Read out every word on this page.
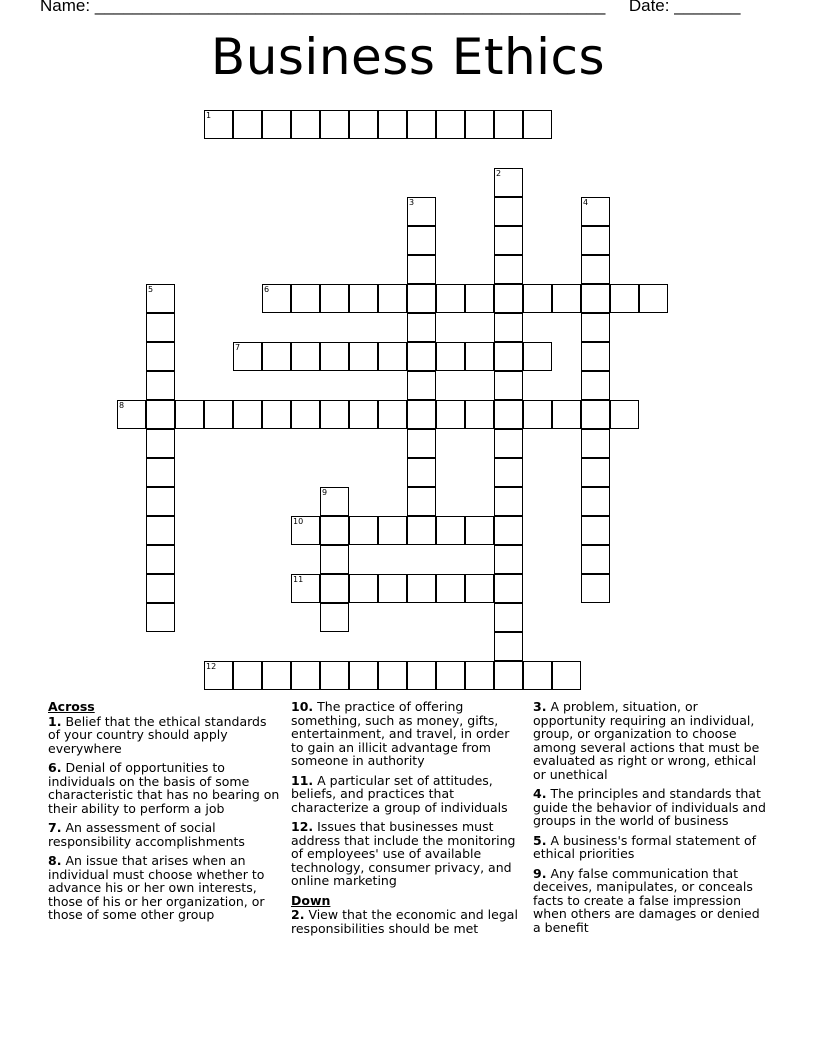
Name: ______________________________________________________ Date: _______
Business Ethics
1
2
3	4
5	6
7
8
9
10
11
12
Across
1. Belief that the ethical standards of your country should apply everywhere
6. Denial of opportunities to individuals on the basis of some characteristic that has no bearing on their ability to perform a job
7. An assessment of social responsibility accomplishments
8. An issue that arises when an individual must choose whether to advance his or her own interests, those of his or her organization, or those of some other group
10. The practice of offering something, such as money, gifts, entertainment, and travel, in order to gain an illicit advantage from someone in authority
11. A particular set of attitudes, beliefs, and practices that characterize a group of individuals
12. Issues that businesses must address that include the monitoring of employees' use of available technology, consumer privacy, and online marketing
Down
2. View that the economic and legal responsibilities should be met
3. A problem, situation, or opportunity requiring an individual, group, or organization to choose among several actions that must be evaluated as right or wrong, ethical or unethical
4. The principles and standards that guide the behavior of individuals and groups in the world of business
5. A business's formal statement of ethical priorities
9. Any false communication that deceives, manipulates, or conceals facts to create a false impression when others are damages or denied a benefit
